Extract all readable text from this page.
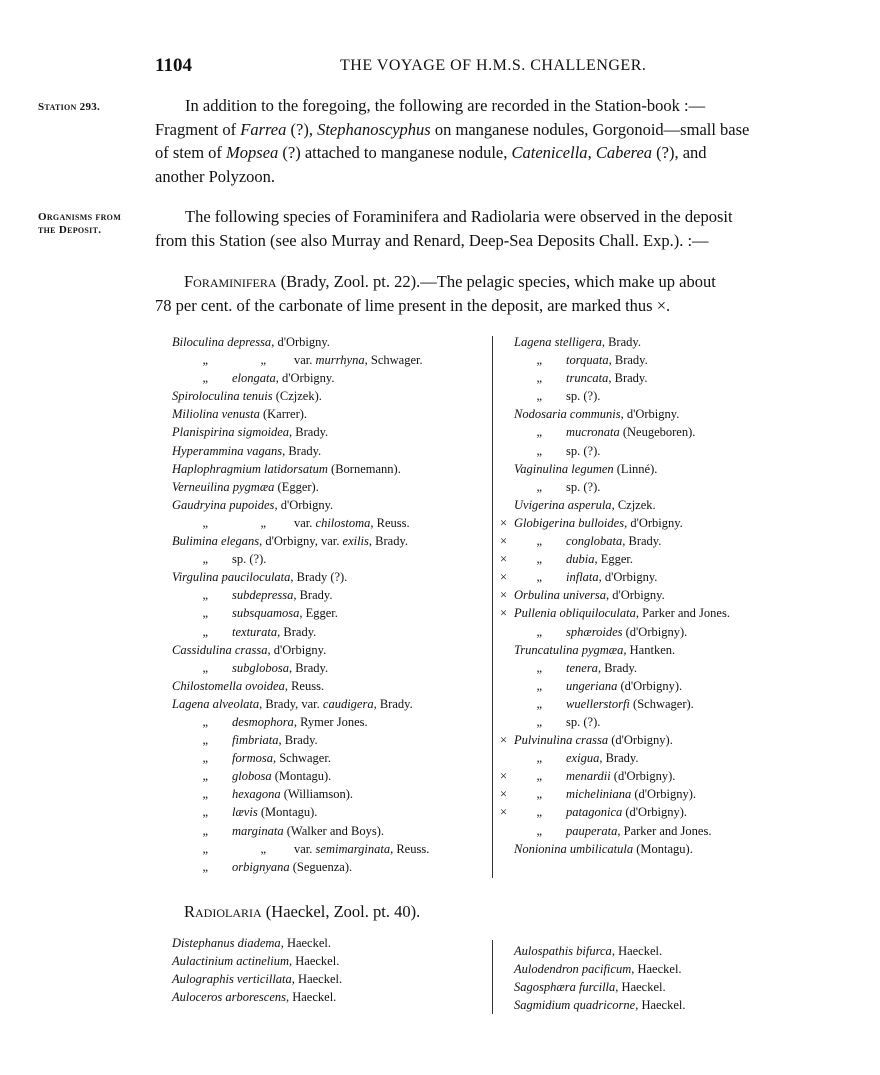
1104	THE VOYAGE OF H.M.S. CHALLENGER.
Station 293.
Organisms from
the Deposit.
In addition to the foregoing, the following are recorded in the Station-book :—
Fragment of Farrea (?), Stephanoscyphus on manganese nodules, Gorgonoid—small base
of stem of Mopsea (?) attached to manganese nodule, Catenicella, Caberea (?), and
another Polyzoon.
The following species of Foraminifera and Radiolaria were observed in the deposit
from this Station (see also Murray and Renard, Deep-Sea Deposits Chall. Exp.). :—
Foraminifera (Brady, Zool. pt. 22).—The pelagic species, which make up about
78 per cent. of the carbonate of lime present in the deposit, are marked thus ×.
Biloculina depressa, d'Orbigny.
„	„ var. murrhyna, Schwager.
„ elongata, d'Orbigny.
Spiroloculina tenuis (Czjzek).
Miliolina venusta (Karrer).
Planispirina sigmoidea, Brady.
Hyperammina vagans, Brady.
Haplophragmium latidorsatum (Bornemann).
Verneuilina pygmæa (Egger).
Gaudryina pupoides, d'Orbigny.
„	„ var. chilostoma, Reuss.
Bulimina elegans, d'Orbigny, var. exilis, Brady.
„ sp. (?).
Virgulina pauciloculata, Brady (?).
„ subdepressa, Brady.
„ subsquamosa, Egger.
„ texturata, Brady.
Cassidulina crassa, d'Orbigny.
„ subglobosa, Brady.
Chilostomella ovoidea, Reuss.
Lagena alveolata, Brady, var. caudigera, Brady.
„ desmophora, Rymer Jones.
„ fimbriata, Brady.
„ formosa, Schwager.
„ globosa (Montagu).
„ hexagona (Williamson).
„ lævis (Montagu).
„ marginata (Walker and Boys).
„	„ var. semimarginata, Reuss.
„ orbignyana (Seguenza).
Lagena stelligera, Brady.
„ torquata, Brady.
„ truncata, Brady.
„ sp. (?).
Nodosaria communis, d'Orbigny.
„ mucronata (Neugeboren).
„ sp. (?).
Vaginulina legumen (Linné).
„ sp. (?).
Uvigerina asperula, Czjzek.
× Globigerina bulloides, d'Orbigny.
× „ conglobata, Brady.
× „ dubia, Egger.
× „ inflata, d'Orbigny.
× Orbulina universa, d'Orbigny.
× Pullenia obliquiloculata, Parker and Jones.
„ sphæroides (d'Orbigny).
Truncatulina pygmæa, Hantken.
„ tenera, Brady.
„ ungeriana (d'Orbigny).
„ wuellerstorfi (Schwager).
„ sp. (?).
× Pulvinulina crassa (d'Orbigny).
„ exigua, Brady.
× „ menardii (d'Orbigny).
× „ micheliniana (d'Orbigny).
× „ patagonica (d'Orbigny).
„ pauperata, Parker and Jones.
Nonionina umbilicatula (Montagu).
Radiolaria (Haeckel, Zool. pt. 40).
Distephanus diadema, Haeckel.
Aulactinium actinelium, Haeckel.
Aulographis verticillata, Haeckel.
Auloceros arborescens, Haeckel.
Aulospathis bifurca, Haeckel.
Aulodendron pacificum, Haeckel.
Sagosphæra furcilla, Haeckel.
Sagmidium quadricorne, Haeckel.
